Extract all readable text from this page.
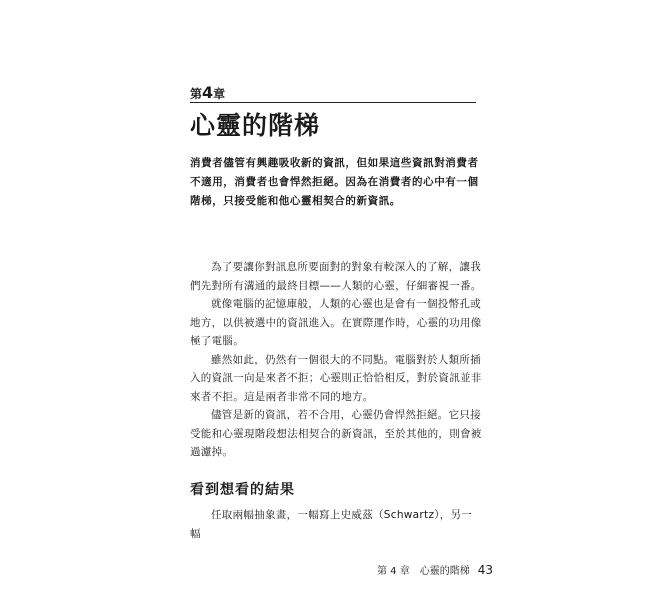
第4章
心靈的階梯

消費者儘管有興趣吸收新的資訊，但如果這些資訊對消費者不適用，消費者也會悍然拒絕。因為在消費者的心中有一個階梯，只接受能和他心靈相契合的新資訊。

為了要讓你對訊息所要面對的對象有較深入的了解，讓我們先對所有溝通的最終目標——人類的心靈，仔細審視一番。

就像電腦的記憶庫般，人類的心靈也是會有一個投幣孔或地方，以供被選中的資訊進入。在實際運作時，心靈的功用像極了電腦。

雖然如此，仍然有一個很大的不同點。電腦對於人類所插入的資訊一向是來者不拒；心靈則正恰恰相反，對於資訊並非來者不拒。這是兩者非常不同的地方。

儘管是新的資訊，若不合用，心靈仍會悍然拒絕。它只接受能和心靈現階段想法相契合的新資訊，至於其他的，則會被過濾掉。

看到想看的結果

任取兩幅抽象畫，一幅寫上史威茲（Schwartz），另一幅

第 4 章　心靈的階梯 43
